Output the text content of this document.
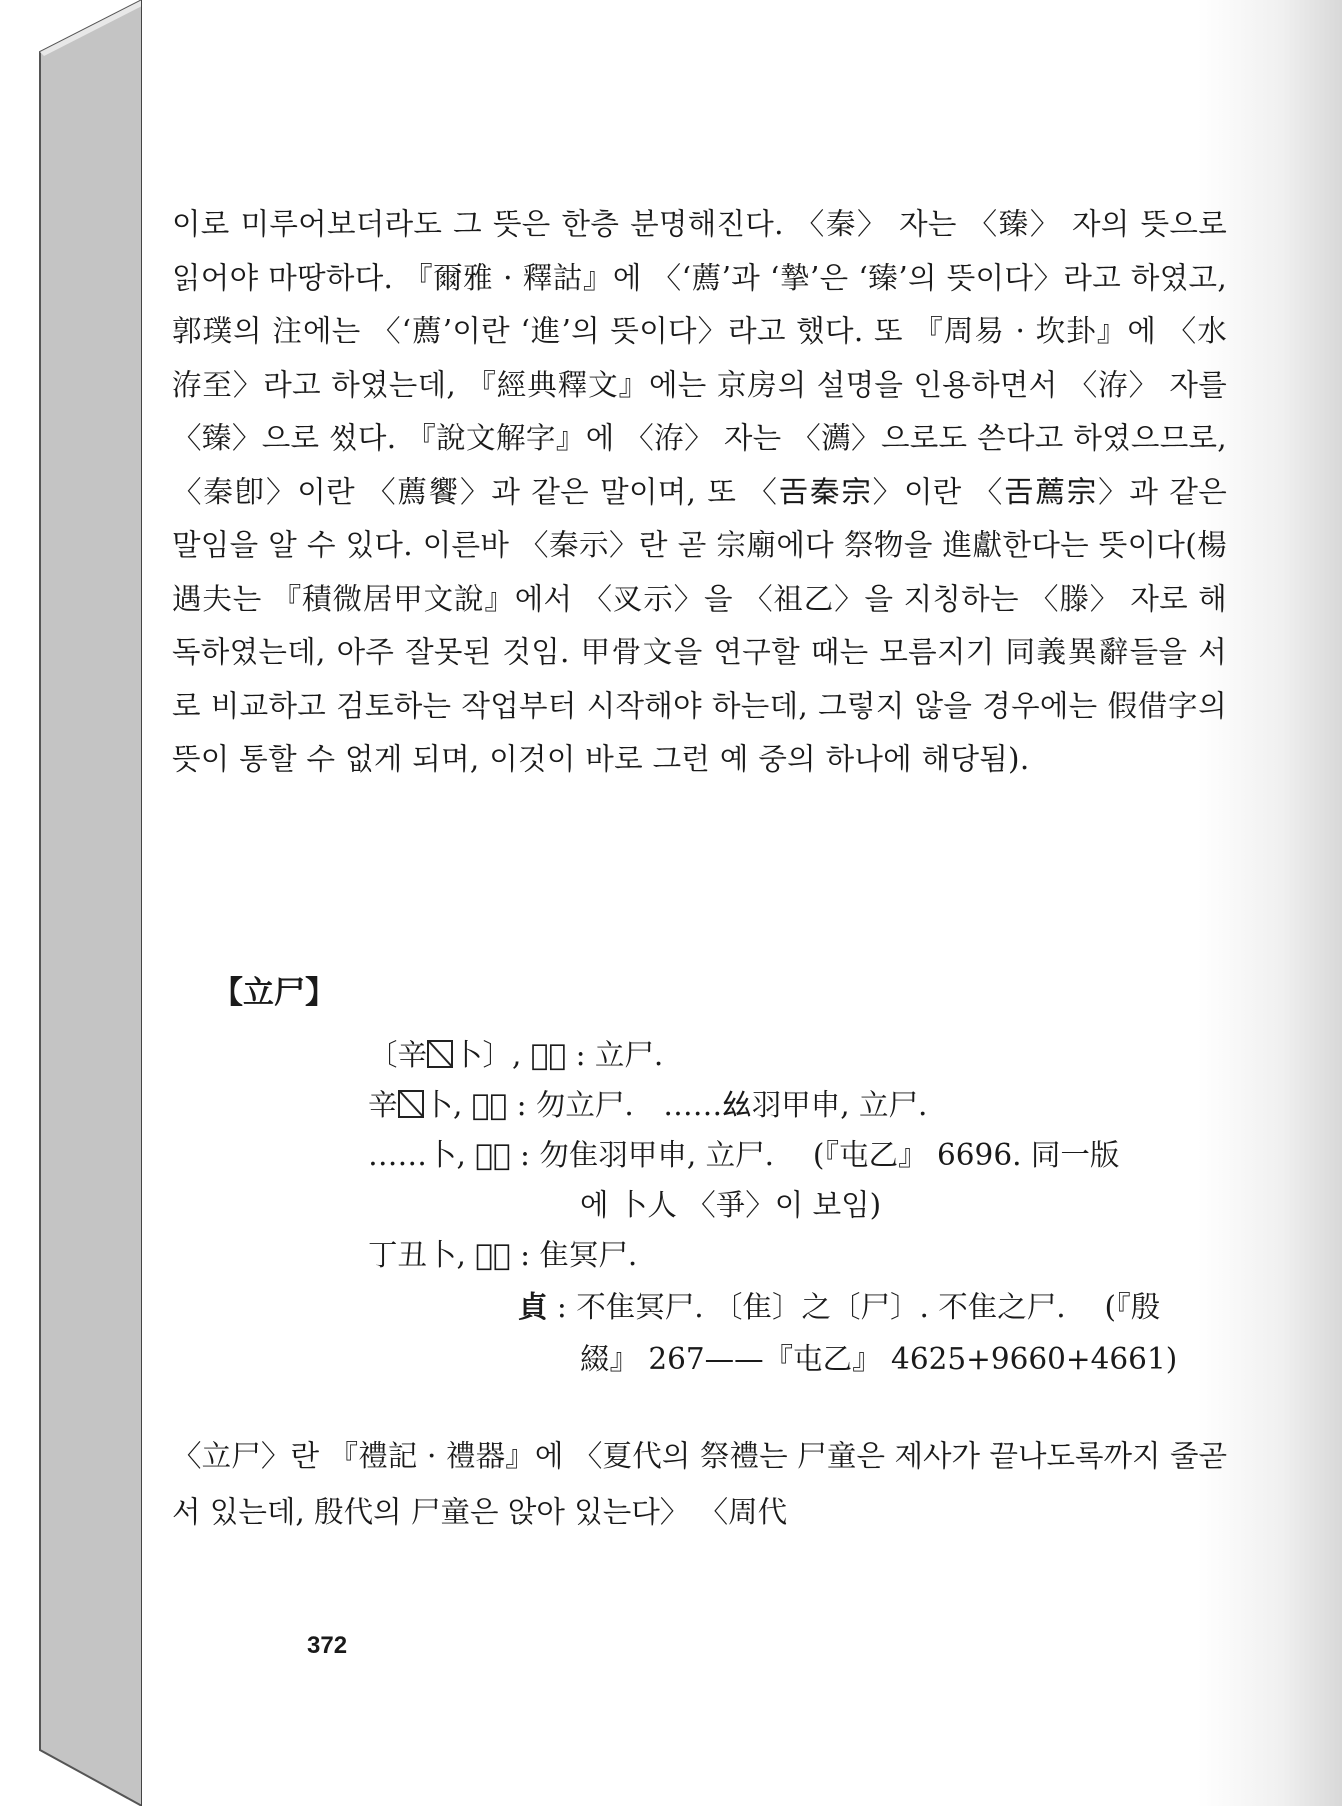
이로 미루어보더라도 그 뜻은 한층 분명해진다. 〈秦〉 자는 〈臻〉 자의 뜻으로 읽어야 마땅하다. 『爾雅 · 釋詁』에 〈‘薦’과 ‘摯’은 ‘臻’의 뜻이다〉라고 하였고, 郭璞의 注에는 〈‘薦’이란 ‘進’의 뜻이다〉라고 했다. 또 『周易 · 坎卦』에 〈水洊至〉라고 하였는데, 『經典釋文』에는 京房의 설명을 인용하면서 〈洊〉 자를 〈臻〉으로 썼다. 『說文解字』에 〈洊〉 자는 〈瀳〉으로도 쓴다고 하였으므로, 〈秦卽〉이란 〈薦饗〉과 같은 말이며, 또 〈𢀛秦宗〉이란 〈𢀛薦宗〉과 같은 말임을 알 수 있다. 이른바 〈秦示〉란 곧 宗廟에다 祭物을 進獻한다는 뜻이다(楊遇夫는 『積微居甲文說』에서 〈㕚示〉을 〈祖乙〉을 지칭하는 〈滕〉 자로 해독하였는데, 아주 잘못된 것임. 甲骨文을 연구할 때는 모름지기 同義異辭들을 서로 비교하고 검토하는 작업부터 시작해야 하는데, 그렇지 않을 경우에는 假借字의 뜻이 통할 수 없게 되며, 이것이 바로 그런 예 중의 하나에 해당됨).

【立尸】
〔辛 卜〕, 𡧊貞 : 立尸.
辛 卜, 𡧊貞 : 勿立尸.　……𢆶羽甲申, 立尸.
……卜, 𡧊貞 : 勿隹羽甲申, 立尸.　 (『屯乙』 6696. 同一版
에 卜人 〈爭〉이 보임)
丁丑卜, 𡧊貞 : 隹冥尸.
貞 : 不隹冥尸. 〔隹〕之〔尸〕. 不隹之尸.　 (『殷
綴』 267——『屯乙』 4625+9660+4661)

〈立尸〉란 『禮記 · 禮器』에 〈夏代의 祭禮는 尸童은 제사가 끝나도록까지 줄곧 서 있는데, 殷代의 尸童은 앉아 있는다〉 〈周代

372
